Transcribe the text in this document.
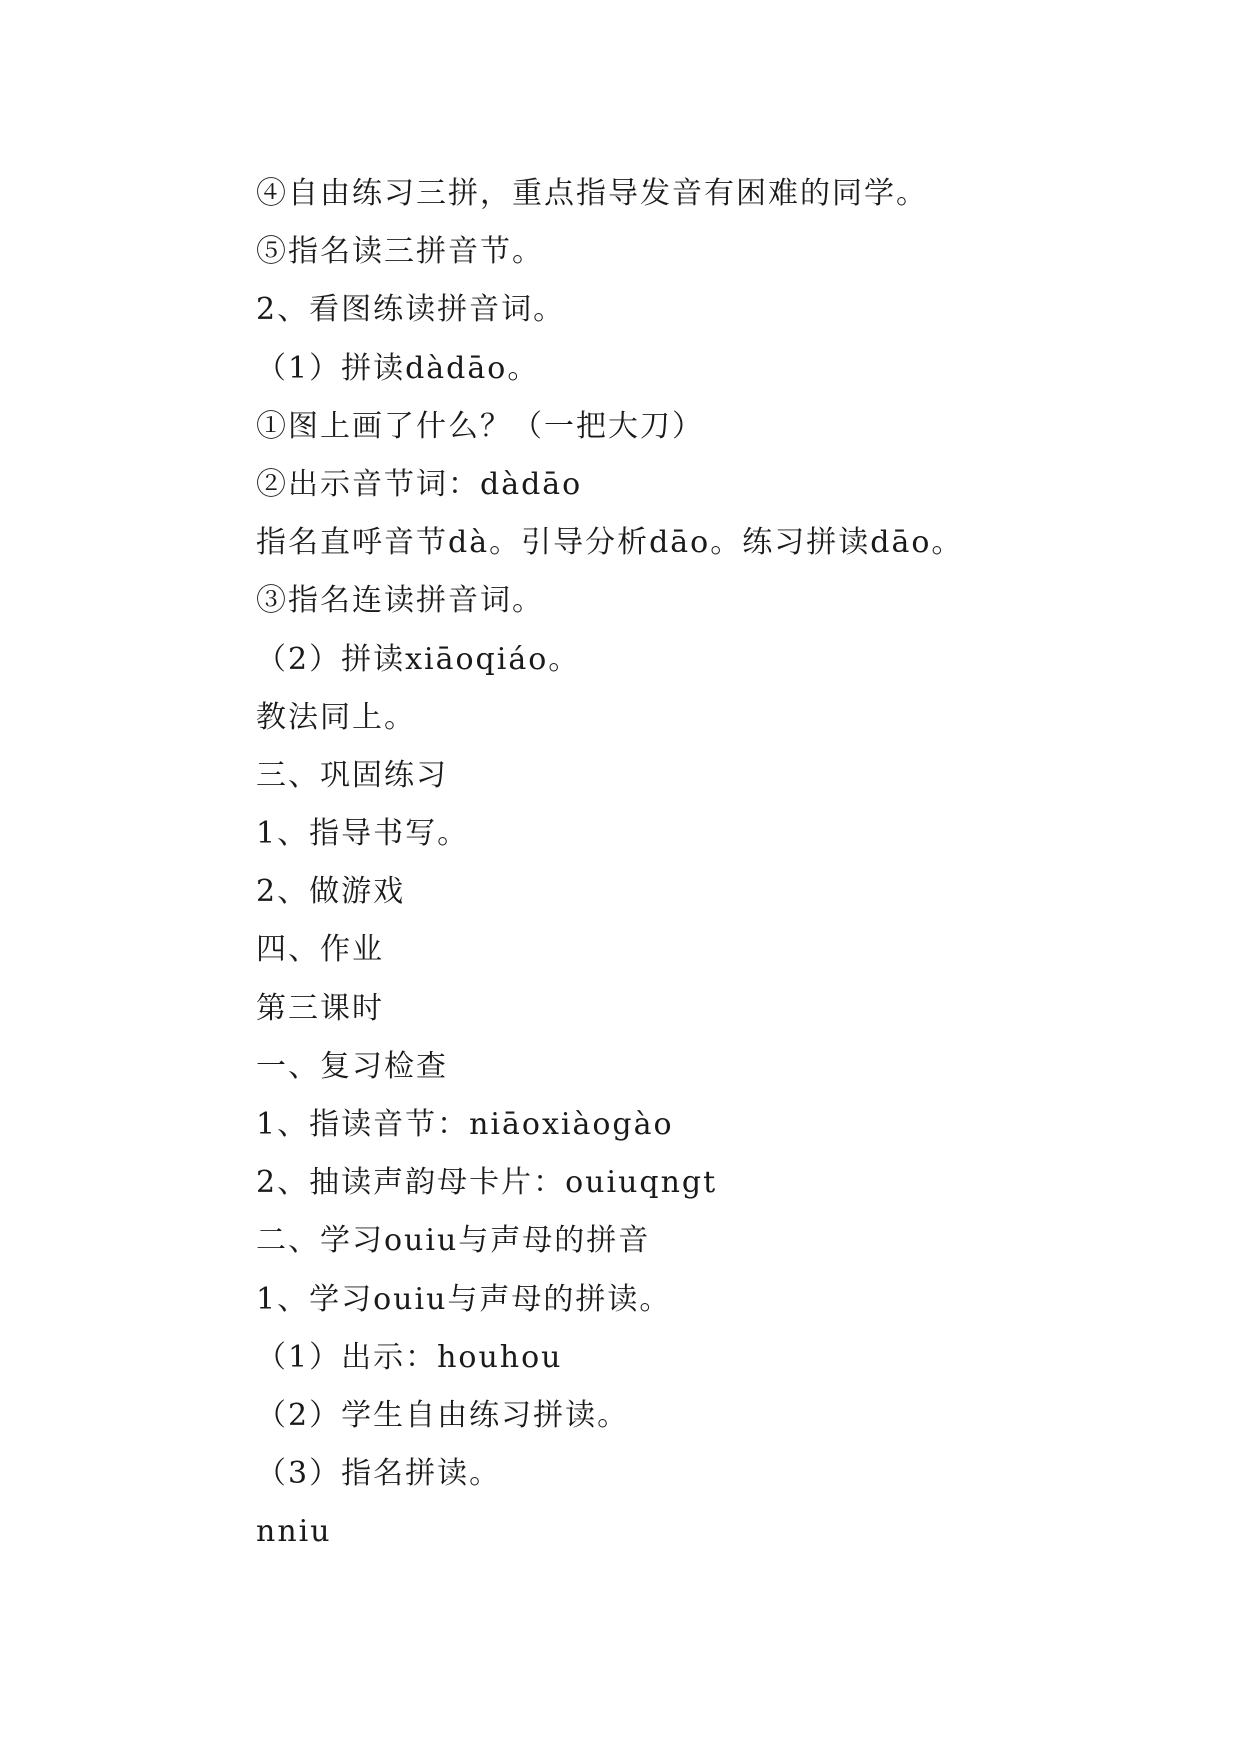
④自由练习三拼，重点指导发音有困难的同学。
⑤指名读三拼音节。
2、看图练读拼音词。
（1）拼读dàdāo。
①图上画了什么？（一把大刀）
②出示音节词：dàdāo
指名直呼音节dà。引导分析dāo。练习拼读dāo。
③指名连读拼音词。
（2）拼读xiāoqiáo。
教法同上。
三、巩固练习
1、指导书写。
2、做游戏
四、作业
第三课时
一、复习检查
1、指读音节：niāoxiàogào
2、抽读声韵母卡片：ouiuqngt
二、学习ouiu与声母的拼音
1、学习ouiu与声母的拼读。
（1）出示：houhou
（2）学生自由练习拼读。
（3）指名拼读。
nniu
